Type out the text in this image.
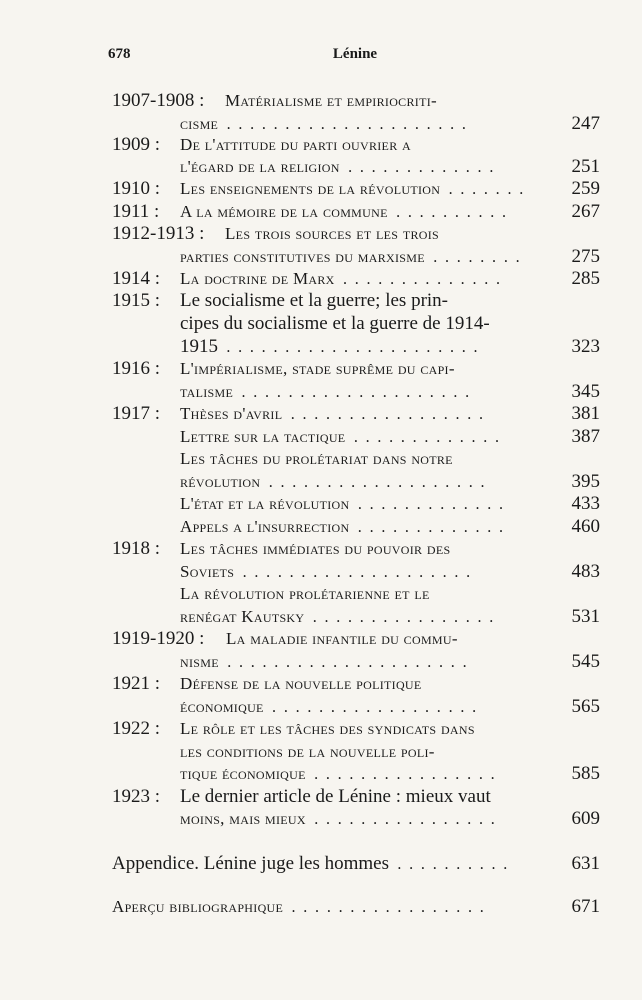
678	Lénine
1907-1908 : Matérialisme et empiriocriti-
cisme	247
.....................
1909 :	De l'attitude du parti ouvrier a
l'égard de la religion	251
.............
1910 :	Les enseignements de la révolution	259
.......
1911 :	A la mémoire de la commune	267
..........
1912-1913 : Les trois sources et les trois
parties constitutives du marxisme	275
........
1914 :	La doctrine de Marx	285
..............
1915 :	Le socialisme et la guerre; les prin-
cipes du socialisme et la guerre de 1914-
1915	323
......................
1916 :	L'impérialisme, stade suprême du capi-
talisme	345
....................
1917 :	Thèses d'avril	381
.................
Lettre sur la tactique	387
.............
Les tâches du prolétariat dans notre
révolution	395
...................
L'état et la révolution	433
.............
Appels a l'insurrection	460
.............
1918 :	Les tâches immédiates du pouvoir des
Soviets	483
....................
La révolution prolétarienne et le
renégat Kautsky	531
................
1919-1920 : La maladie infantile du commu-
nisme	545
.....................
1921 :	Défense de la nouvelle politique
économique	565
..................
1922 :	Le rôle et les tâches des syndicats dans
les conditions de la nouvelle poli-
tique économique	585
................
1923 :	Le dernier article de Lénine : mieux vaut
moins, mais mieux	609
................
Appendice. Lénine juge les hommes	631
..........
Aperçu bibliographique	671
.................
